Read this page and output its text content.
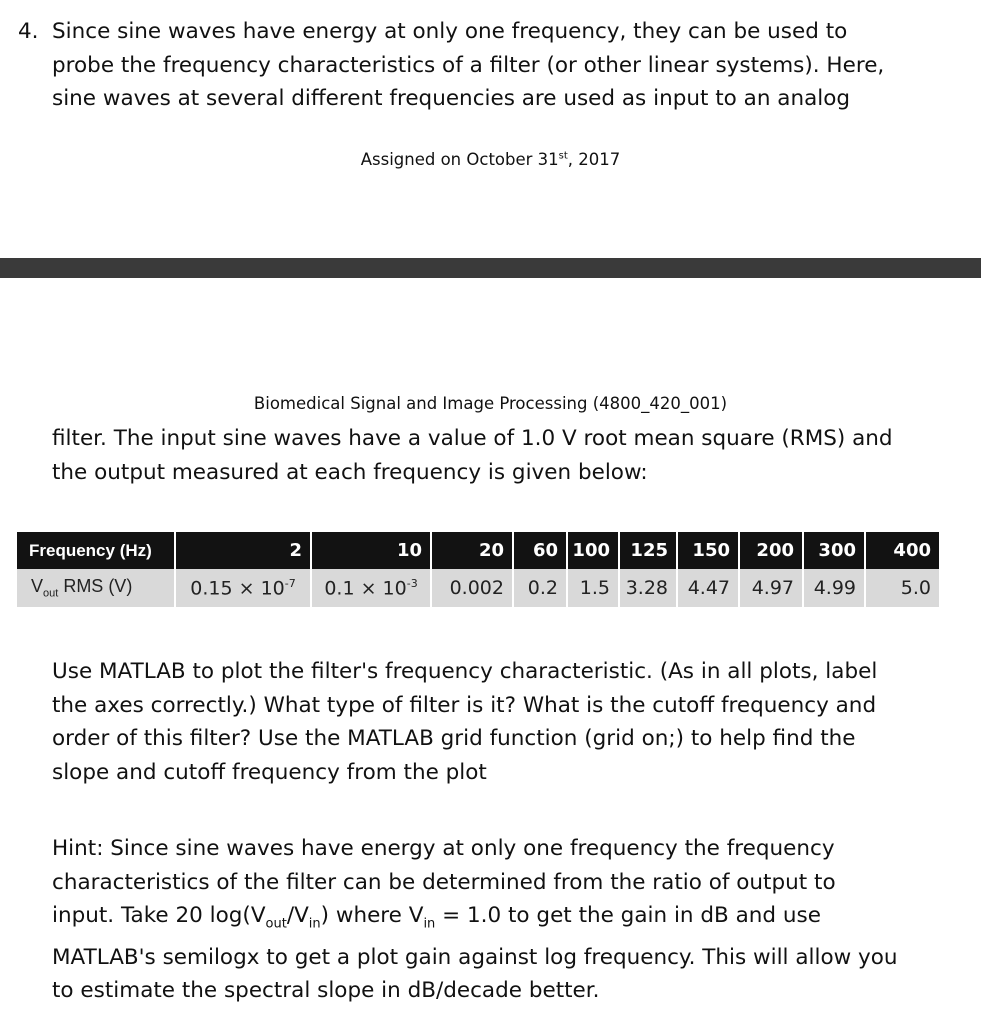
4. Since sine waves have energy at only one frequency, they can be used to
probe the frequency characteristics of a filter (or other linear systems). Here,
sine waves at several different frequencies are used as input to an analog
Assigned on October 31st, 2017
Biomedical Signal and Image Processing (4800_420_001)
filter. The input sine waves have a value of 1.0 V root mean square (RMS) and
the output measured at each frequency is given below:
Frequency (Hz)	2	10	20	60	100	125	150	200	300	400
$V_{out}$ RMS (V)	$0.15 \times 10^{-7}$	$0.1 \times 10^{-3}$	0.002	0.2	1.5	3.28	4.47	4.97	4.99	5.0
Use MATLAB to plot the filter's frequency characteristic. (As in all plots, label
the axes correctly.) What type of filter is it? What is the cutoff frequency and
order of this filter? Use the MATLAB grid function (grid on;) to help find the
slope and cutoff frequency from the plot
Hint: Since sine waves have energy at only one frequency the frequency
characteristics of the filter can be determined from the ratio of output to
input. Take 20 $\log(V_{out}/V_{in})$ where $V_{in} = 1.0$ to get the gain in dB and use
MATLAB's semilogx to get a plot gain against log frequency. This will allow you
to estimate the spectral slope in dB/decade better.
